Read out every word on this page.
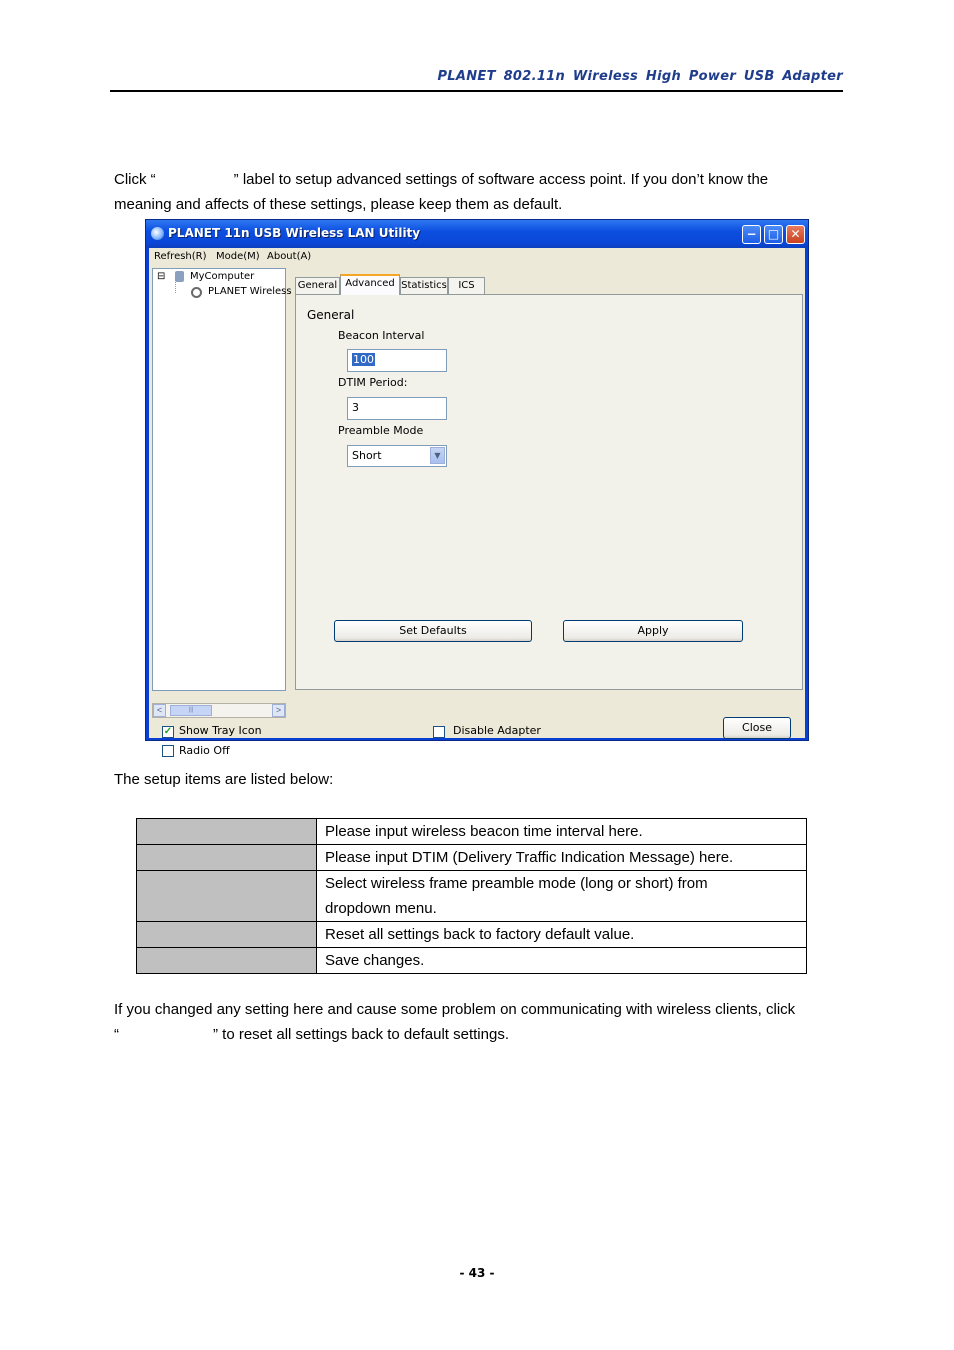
PLANET 802.11n Wireless High Power USB Adapter
Click “	” label to setup advanced settings of software access point. If you don’t know the
meaning and affects of these settings, please keep them as default.
PLANET 11n USB Wireless LAN Utility	− □ ✕
Refresh(R) Mode(M) About(A)
⊟ MyComputer
PLANET Wireless
<	|||	>
General Advanced Statistics	ICS
General
Beacon Interval
100
DTIM Period:
3
Preamble Mode
Short	▼
Set Defaults	Apply
✓ Show Tray Icon
Radio Off
Disable Adapter	Close
The setup items are listed below:
	Please input wireless beacon time interval here.
	Please input DTIM (Delivery Traffic Indication Message) here.

	Select wireless frame preamble mode (long or short) from
dropdown menu.

	Reset all settings back to factory default value.
	Save changes.
If you changed any setting here and cause some problem on communicating with wireless clients, click
“	” to reset all settings back to default settings.
- 43 -
